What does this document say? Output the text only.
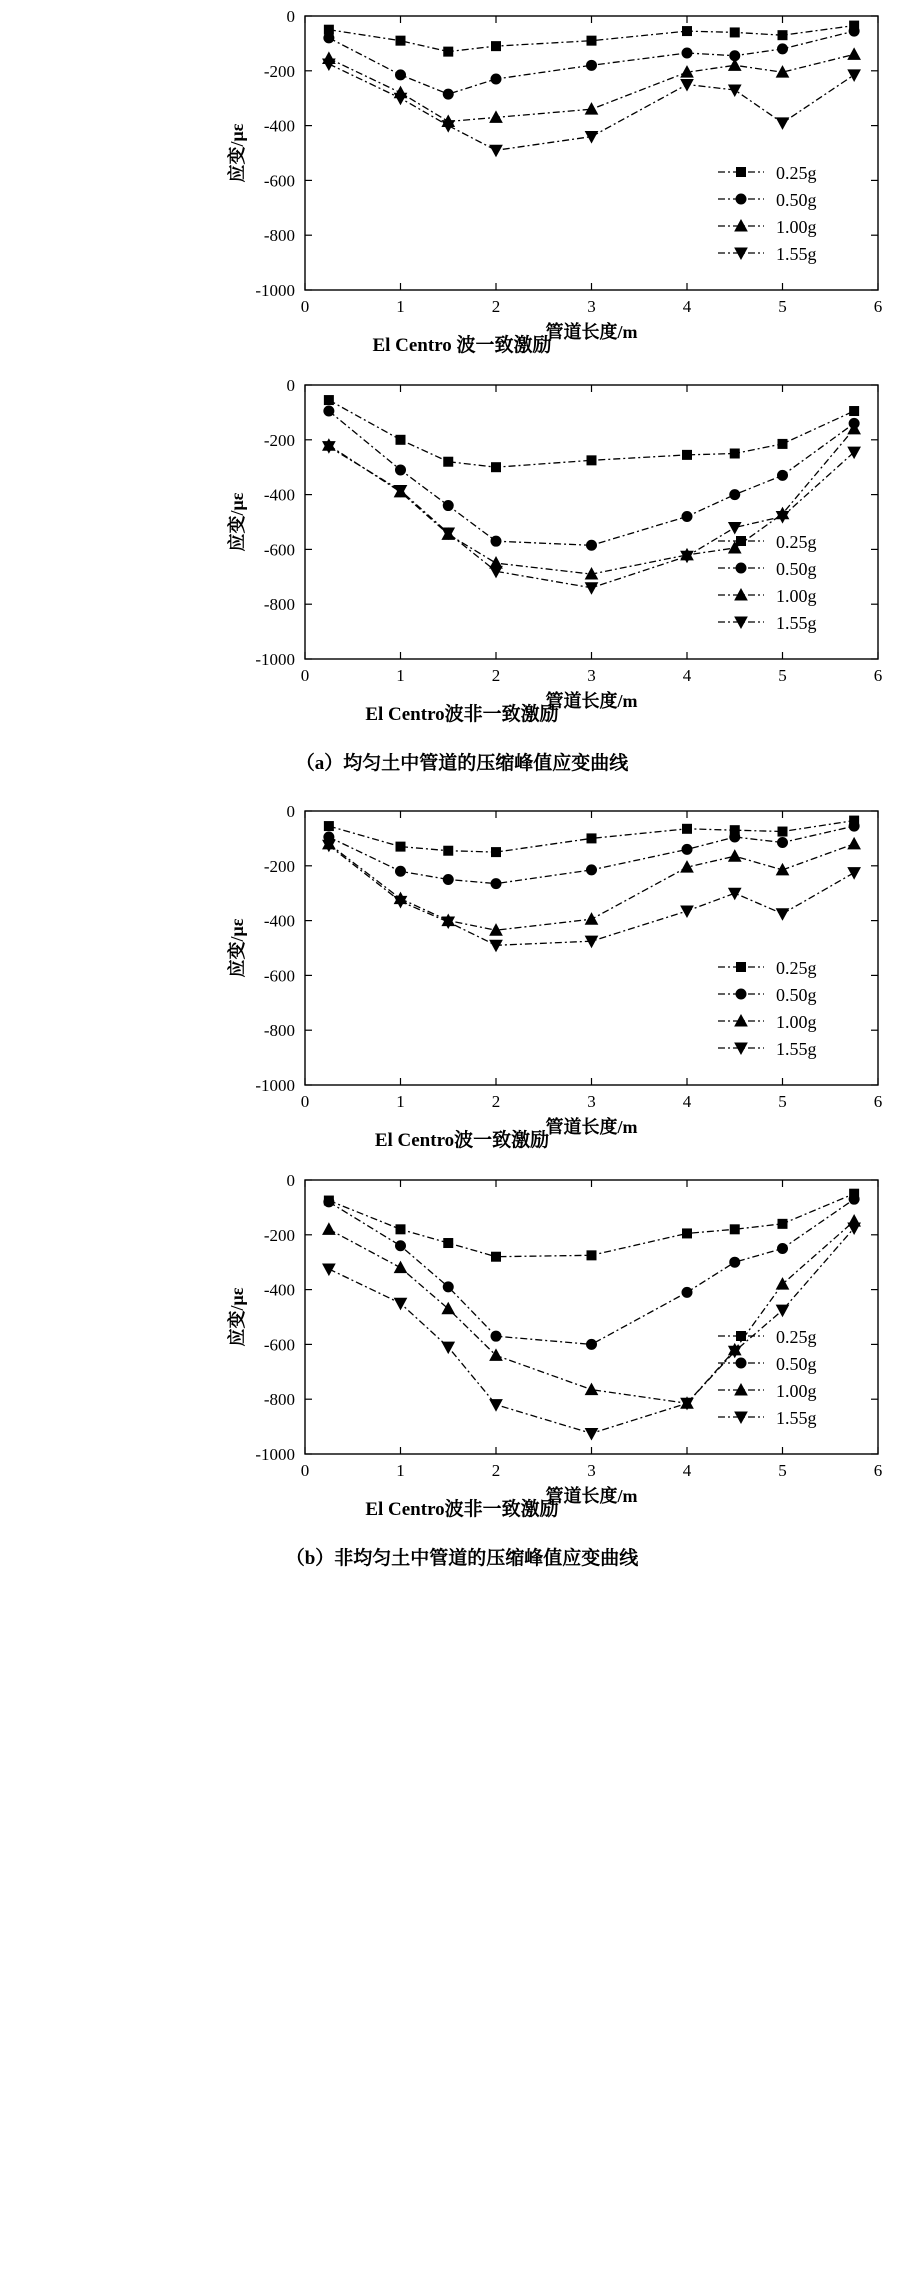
0	1	2	3	4	5	6
0
-200
-400
-600
-800
-1000
管道长度/m
应变/με	0.25g
0.50g
1.00g
1.55g
El Centro 波一致激励
0	1	2	3	4	5	6
0
-200
-400
-600
-800
-1000
管道长度/m
应变/με	0.25g
0.50g
1.00g
1.55g
El Centro波非一致激励
（a）均匀土中管道的压缩峰值应变曲线
0	1	2	3	4	5	6
0
-200
-400
-600
-800
-1000
管道长度/m
应变/με	0.25g
0.50g
1.00g
1.55g
El Centro波一致激励
0	1	2	3	4	5	6
0
-200
-400
-600
-800
-1000
管道长度/m
应变/με	0.25g
0.50g
1.00g
1.55g
El Centro波非一致激励
（b）非均匀土中管道的压缩峰值应变曲线
